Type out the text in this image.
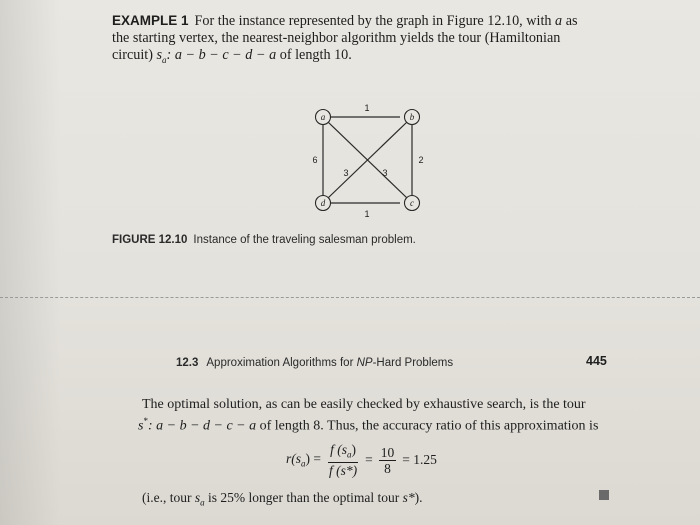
EXAMPLE 1 For the instance represented by the graph in Figure 12.10, with a as
the starting vertex, the nearest-neighbor algorithm yields the tour (Hamiltonian
circuit) $s_a$: a − b − c − d − a of length 10.
a	b
c
d
1
2
1
6
3	3
FIGURE 12.10 Instance of the traveling salesman problem.
12.3 Approximation Algorithms for NP-Hard Problems	445
The optimal solution, as can be easily checked by exhaustive search, is the tour
s*: a − b − d − c − a of length 8. Thus, the accuracy ratio of this approximation is
$r(s_a) = \frac{f (s_a)}{f (s*)} = \frac{10}{8} = 1.25$
(i.e., tour $s_a$ is 25% longer than the optimal tour s*).
